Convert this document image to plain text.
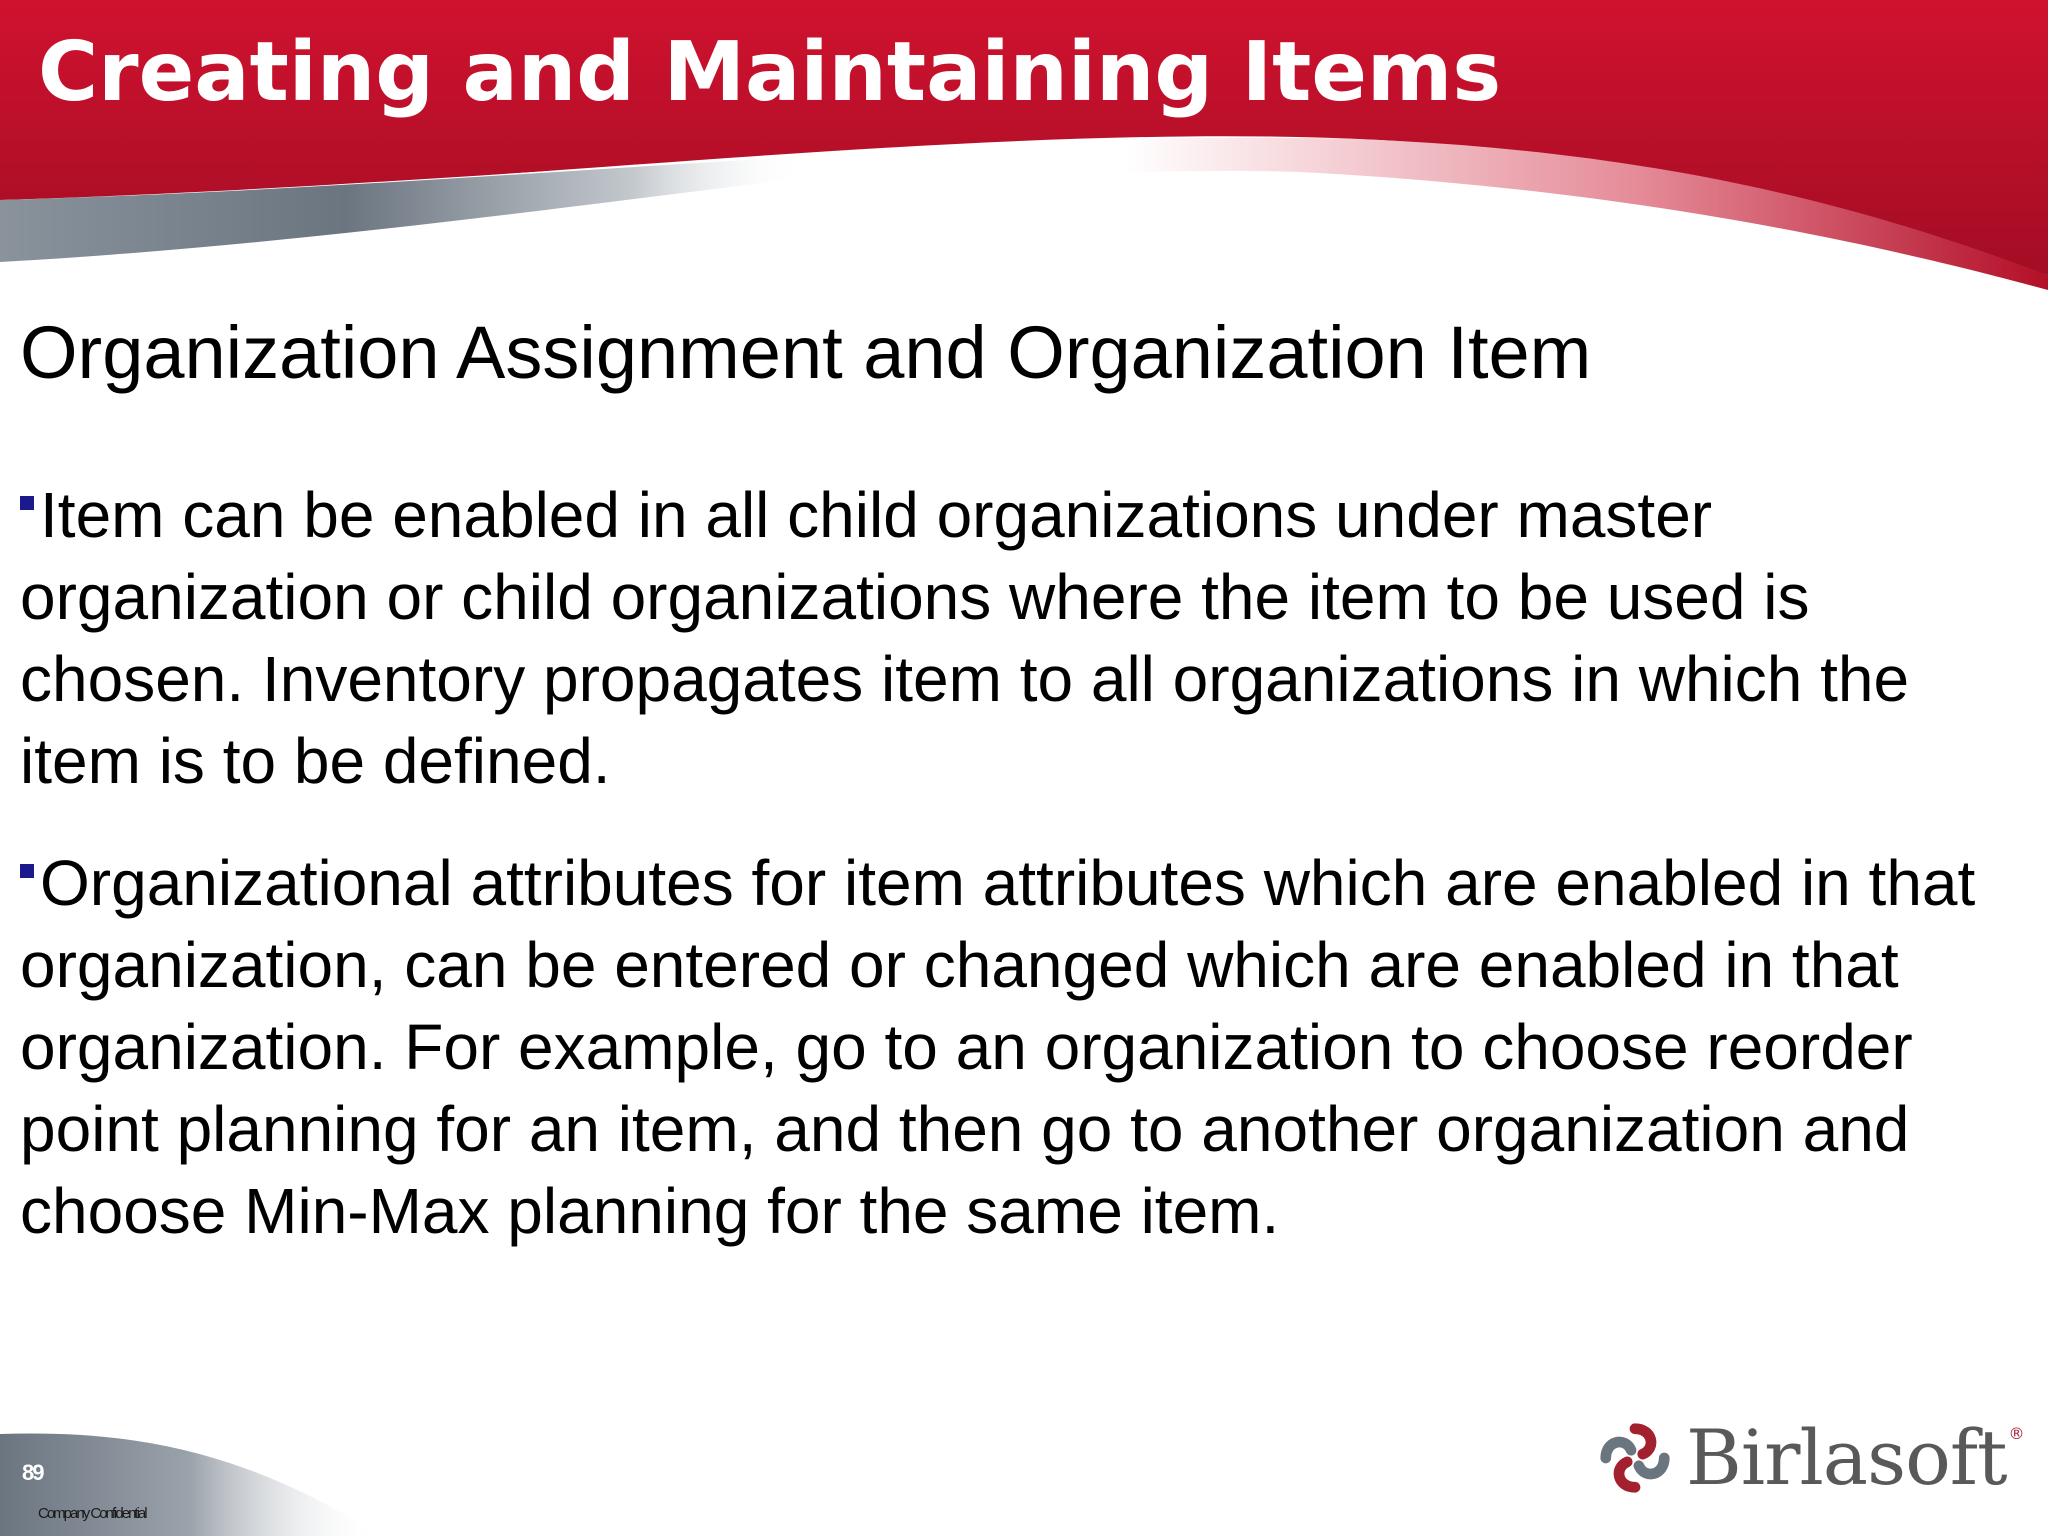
Creating and Maintaining Items
Organization Assignment and Organization Item
Item can be enabled in all child organizations under master organization or child organizations where the item to be used is chosen. Inventory propagates item to all organizations in which the item is to be defined.
Organizational attributes for item attributes which are enabled in that organization, can be entered or changed which are enabled in that organization. For example, go to an organization to choose reorder point planning for an item, and then go to another organization and choose Min-Max planning for the same item.
89
Company Confidential
Birlasoft ®
